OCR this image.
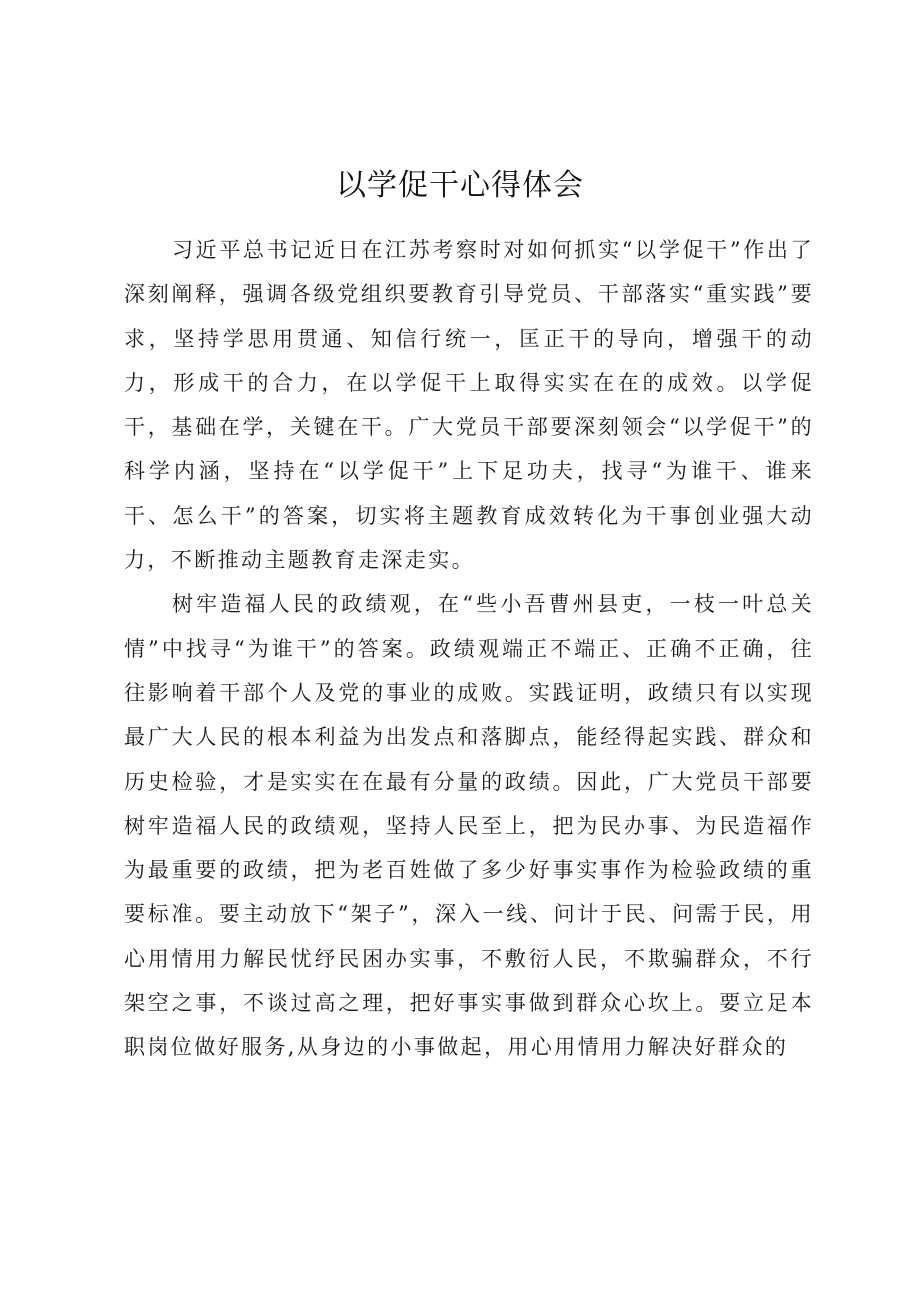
以学促干心得体会

习近平总书记近日在江苏考察时对如何抓实“以学促干”作出了深刻阐释，强调各级党组织要教育引导党员、干部落实“重实践”要求，坚持学思用贯通、知信行统一，匡正干的导向，增强干的动力，形成干的合力，在以学促干上取得实实在在的成效。以学促干，基础在学，关键在干。广大党员干部要深刻领会“以学促干”的科学内涵，坚持在“以学促干”上下足功夫，找寻“为谁干、谁来干、怎么干”的答案，切实将主题教育成效转化为干事创业强大动力，不断推动主题教育走深走实。

树牢造福人民的政绩观，在“些小吾曹州县吏，一枝一叶总关情”中找寻“为谁干”的答案。政绩观端正不端正、正确不正确，往往影响着干部个人及党的事业的成败。实践证明，政绩只有以实现最广大人民的根本利益为出发点和落脚点，能经得起实践、群众和历史检验，才是实实在在最有分量的政绩。因此，广大党员干部要树牢造福人民的政绩观，坚持人民至上，把为民办事、为民造福作为最重要的政绩，把为老百姓做了多少好事实事作为检验政绩的重要标准。要主动放下“架子”，深入一线、问计于民、问需于民，用心用情用力解民忧纾民困办实事，不敷衍人民，不欺骗群众，不行架空之事，不谈过高之理，把好事实事做到群众心坎上。要立足本职岗位做好服务,从身边的小事做起，用心用情用力解决好群众的
